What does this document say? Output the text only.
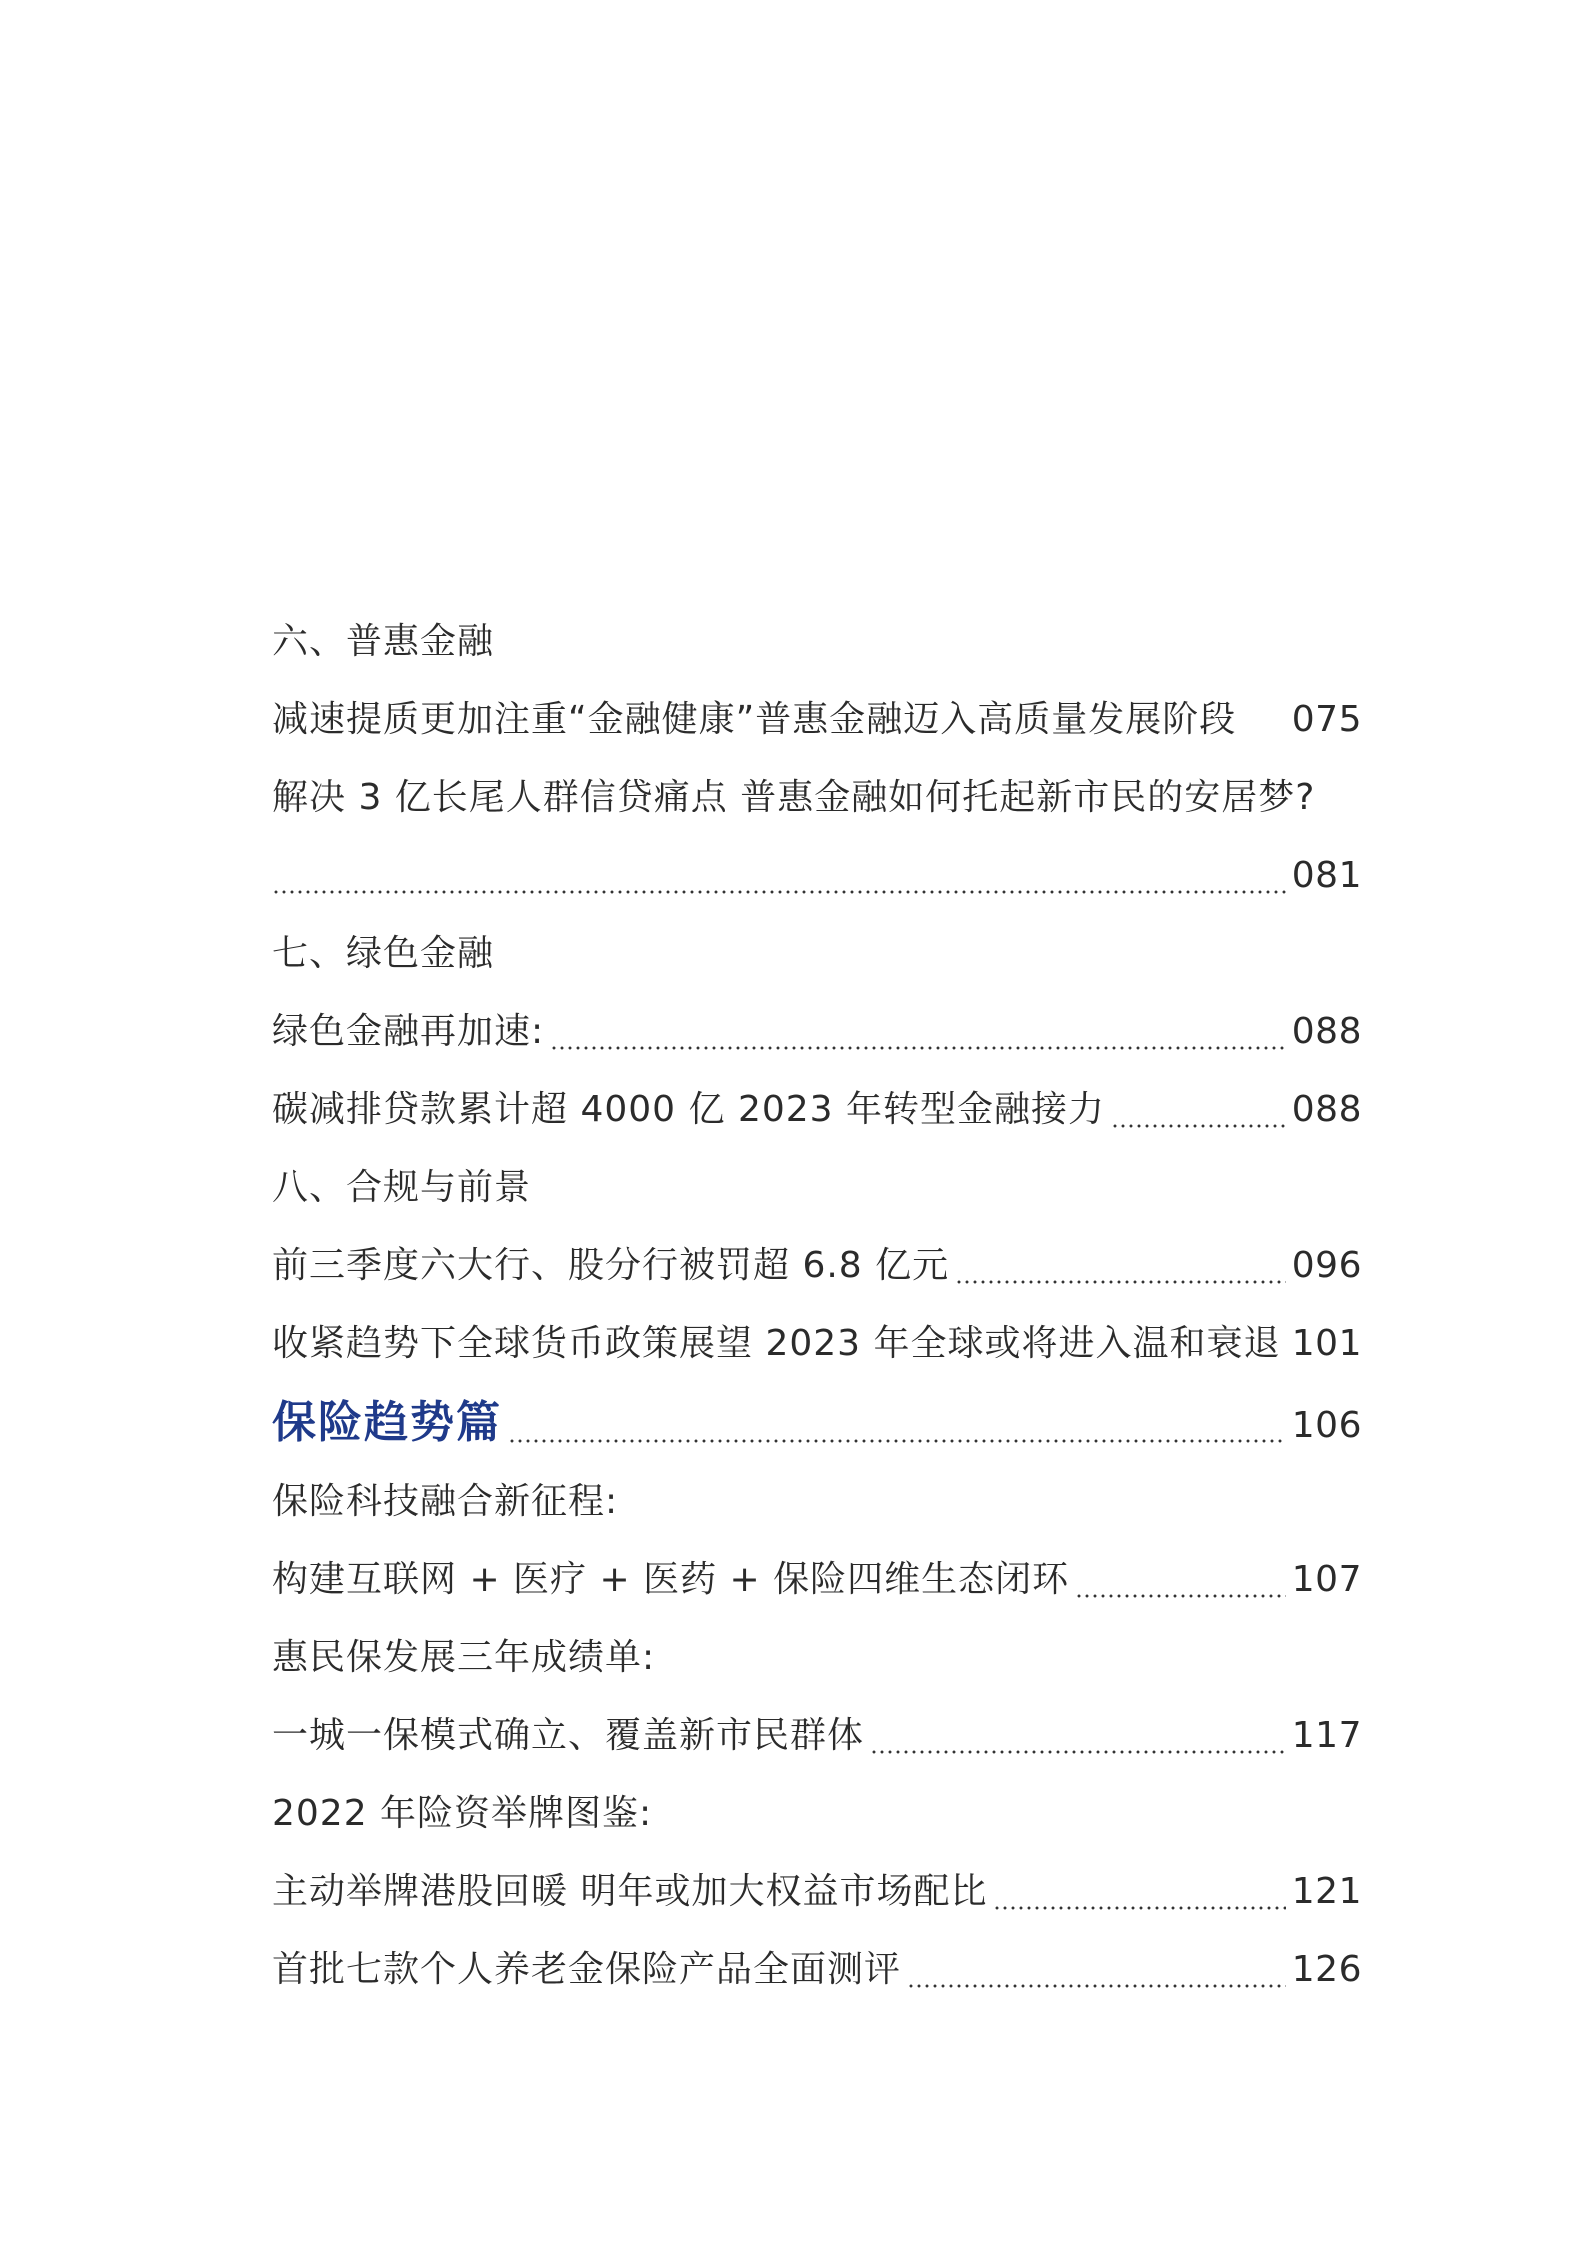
六、普惠金融
减速提质更加注重“金融健康”普惠金融迈入高质量发展阶段 075
解决 3 亿长尾人群信贷痛点 普惠金融如何托起新市民的安居梦?
081
七、绿色金融
绿色金融再加速:	088
碳减排贷款累计超 4000 亿 2023 年转型金融接力	088
八、合规与前景
前三季度六大行、股分行被罚超 6.8 亿元	096
收紧趋势下全球货币政策展望 2023 年全球或将进入温和衰退 101
保险趋势篇	106
保险科技融合新征程:
构建互联网 + 医疗 + 医药 + 保险四维生态闭环	107
惠民保发展三年成绩单:
一城一保模式确立、覆盖新市民群体	117
2022 年险资举牌图鉴:
主动举牌港股回暖 明年或加大权益市场配比	121
首批七款个人养老金保险产品全面测评	126
